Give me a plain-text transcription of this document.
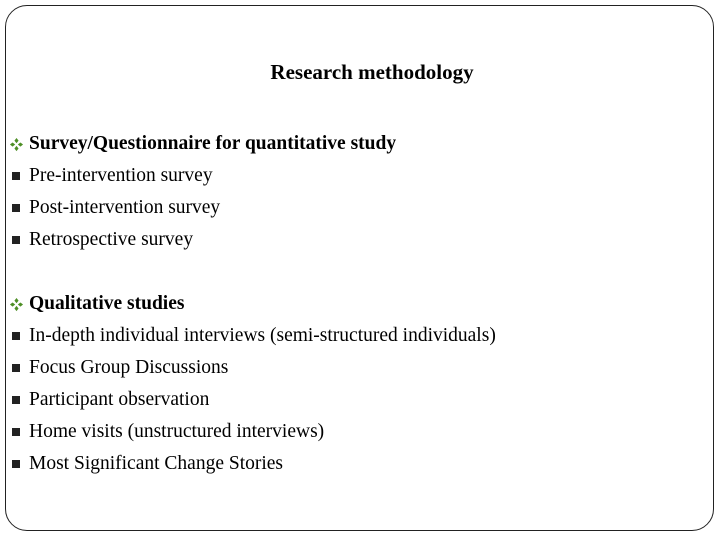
Research methodology
Survey/Questionnaire for quantitative study
Pre-intervention survey
Post-intervention survey
Retrospective survey
Qualitative studies
In-depth individual interviews (semi-structured individuals)
Focus Group Discussions
Participant observation
Home visits (unstructured interviews)
Most Significant Change Stories
